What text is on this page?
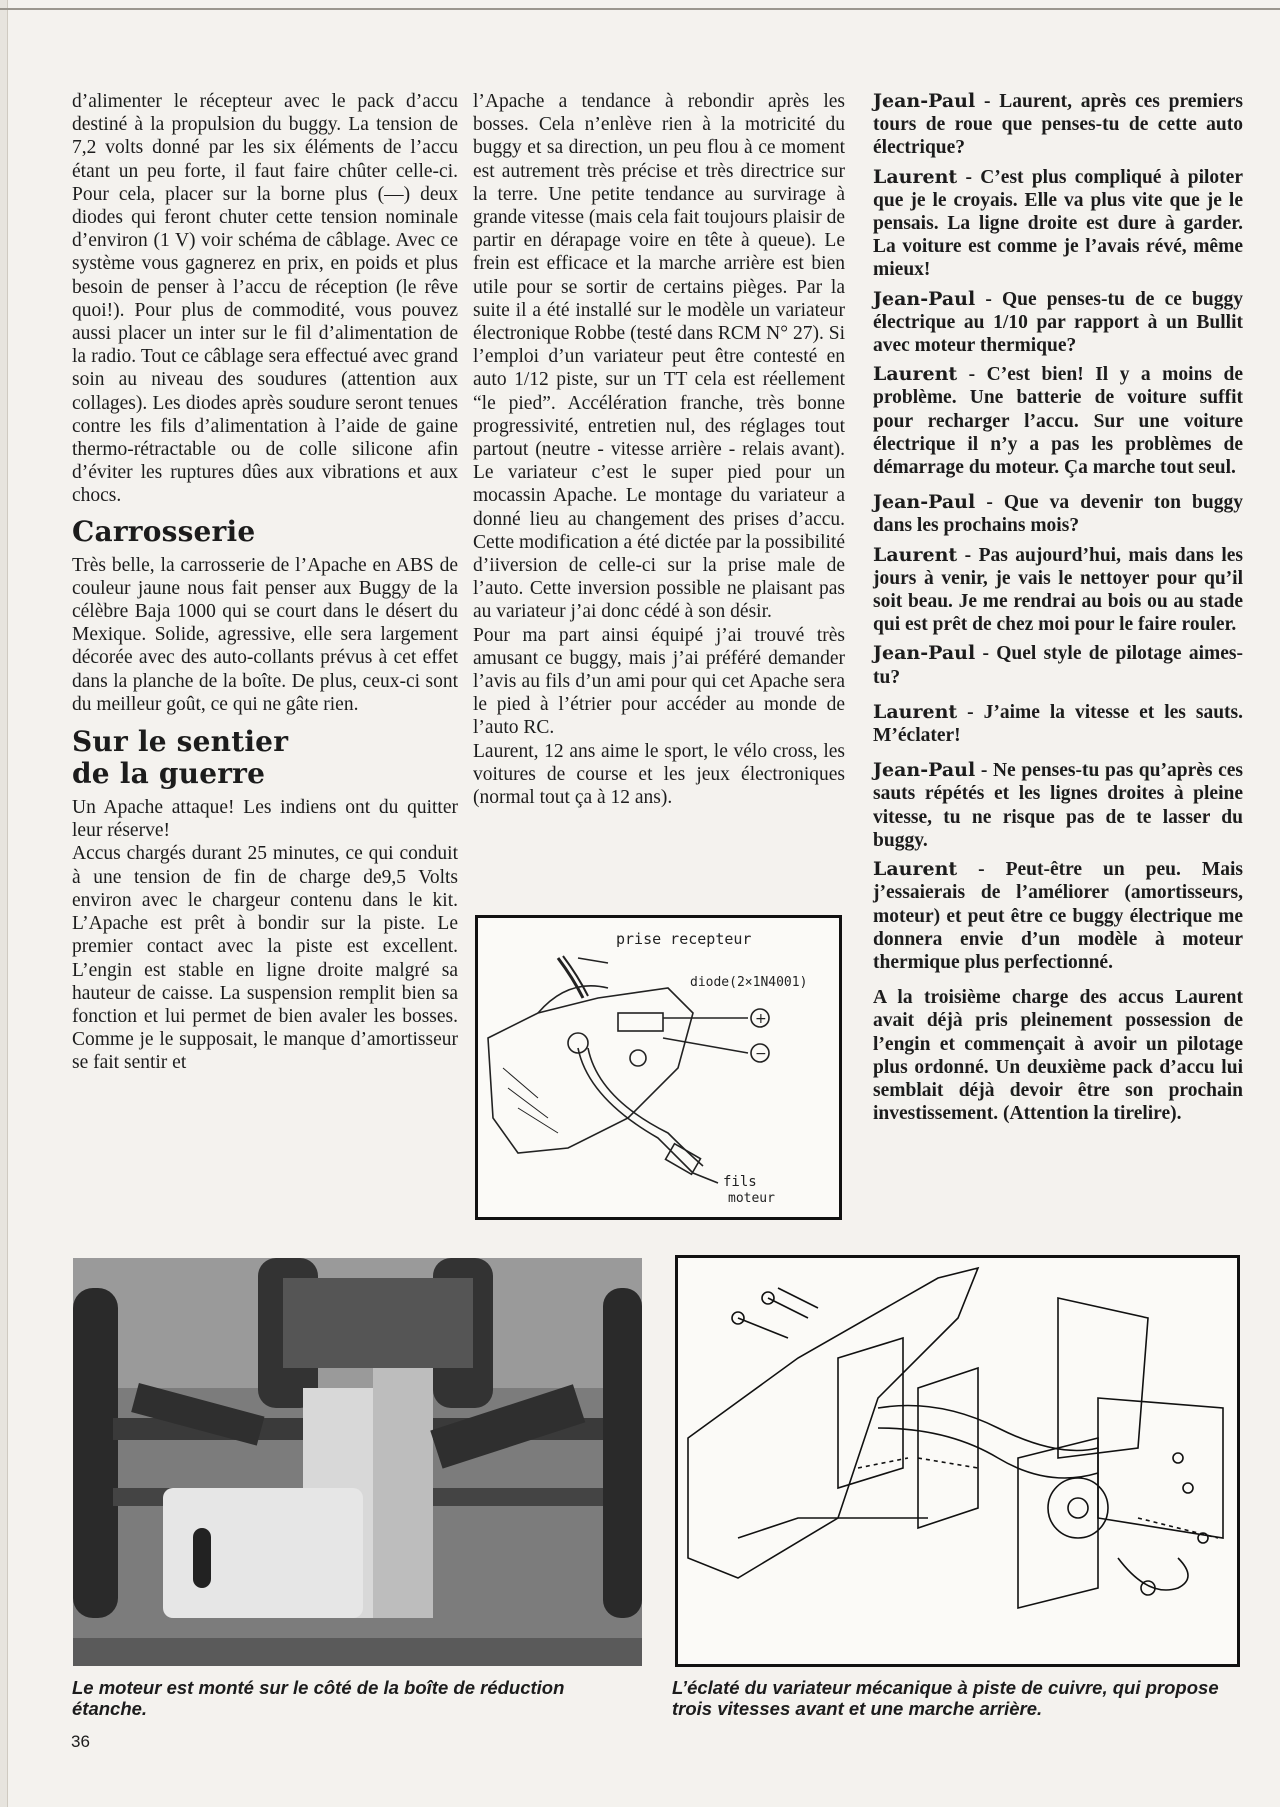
d’alimenter le récepteur avec le pack d’accu destiné à la propulsion du buggy. La tension de 7,2 volts donné par les six éléments de l’accu étant un peu forte, il faut faire chûter celle-ci. Pour cela, placer sur la borne plus (—) deux diodes qui feront chuter cette tension nominale d’environ (1 V) voir schéma de câblage. Avec ce système vous gagnerez en prix, en poids et plus besoin de penser à l’accu de réception (le rêve quoi!). Pour plus de commodité, vous pouvez aussi placer un inter sur le fil d’alimentation de la radio. Tout ce câblage sera effectué avec grand soin au niveau des soudures (attention aux collages). Les diodes après soudure seront tenues contre les fils d’alimentation à l’aide de gaine thermo-rétractable ou de colle silicone afin d’éviter les ruptures dûes aux vibrations et aux chocs.

Carrosserie

Très belle, la carrosserie de l’Apache en ABS de couleur jaune nous fait penser aux Buggy de la célèbre Baja 1000 qui se court dans le désert du Mexique. Solide, agressive, elle sera largement décorée avec des auto-collants prévus à cet effet dans la planche de la boîte. De plus, ceux-ci sont du meilleur goût, ce qui ne gâte rien.

Sur le sentier
de la guerre

Un Apache attaque! Les indiens ont du quitter leur réserve!

Accus chargés durant 25 minutes, ce qui conduit à une tension de fin de charge de9,5 Volts environ avec le chargeur contenu dans le kit. L’Apache est prêt à bondir sur la piste. Le premier contact avec la piste est excellent. L’engin est stable en ligne droite malgré sa hauteur de caisse. La suspension remplit bien sa fonction et lui permet de bien avaler les bosses. Comme je le supposait, le manque d’amortisseur se fait sentir et

l’Apache a tendance à rebondir après les bosses. Cela n’enlève rien à la motricité du buggy et sa direction, un peu flou à ce moment est autrement très précise et très directrice sur la terre. Une petite tendance au survirage à grande vitesse (mais cela fait toujours plaisir de partir en dérapage voire en tête à queue). Le frein est efficace et la marche arrière est bien utile pour se sortir de certains pièges. Par la suite il a été installé sur le modèle un variateur électronique Robbe (testé dans RCM N° 27). Si l’emploi d’un variateur peut être contesté en auto 1/12 piste, sur un TT cela est réellement “le pied”. Accélération franche, très bonne progressivité, entretien nul, des réglages tout partout (neutre - vitesse arrière - relais avant). Le variateur c’est le super pied pour un mocassin Apache. Le montage du variateur a donné lieu au changement des prises d’accu. Cette modification a été dictée par la possibilité d’iiversion de celle-ci sur la prise male de l’auto. Cette inversion possible ne plaisant pas au variateur j’ai donc cédé à son désir.

Pour ma part ainsi équipé j’ai trouvé très amusant ce buggy, mais j’ai préféré demander l’avis au fils d’un ami pour qui cet Apache sera le pied à l’étrier pour accéder au monde de l’auto RC.

Laurent, 12 ans aime le sport, le vélo cross, les voitures de course et les jeux électroniques (normal tout ça à 12 ans).

Jean-Paul - Laurent, après ces premiers tours de roue que penses-tu de cette auto électrique?

Laurent - C’est plus compliqué à piloter que je le croyais. Elle va plus vite que je le pensais. La ligne droite est dure à garder. La voiture est comme je l’avais révé, même mieux!

Jean-Paul - Que penses-tu de ce buggy électrique au 1/10 par rapport à un Bullit avec moteur thermique?

Laurent - C’est bien! Il y a moins de problème. Une batterie de voiture suffit pour recharger l’accu. Sur une voiture électrique il n’y a pas les problèmes de démarrage du moteur. Ça marche tout seul.

Jean-Paul - Que va devenir ton buggy dans les prochains mois?

Laurent - Pas aujourd’hui, mais dans les jours à venir, je vais le nettoyer pour qu’il soit beau. Je me rendrai au bois ou au stade qui est prêt de chez moi pour le faire rouler.

Jean-Paul - Quel style de pilotage aimes-tu?

Laurent - J’aime la vitesse et les sauts. M’éclater!

Jean-Paul - Ne penses-tu pas qu’après ces sauts répétés et les lignes droites à pleine vitesse, tu ne risque pas de te lasser du buggy.

Laurent - Peut-être un peu. Mais j’essaierais de l’améliorer (amortisseurs, moteur) et peut être ce buggy électrique me donnera envie d’un modèle à moteur thermique plus perfectionné.

A la troisième charge des accus Laurent avait déjà pris pleinement possession de l’engin et commençait à avoir un pilotage plus ordonné. Un deuxième pack d’accu lui semblait déjà devoir être son prochain investissement. (Attention la tirelire).

prise recepteur
diode(2×1N4001)
+
−
fils
moteur
Le moteur est monté sur le côté de la boîte de réduction étanche.
L’éclaté du variateur mécanique à piste de cuivre, qui propose trois vitesses avant et une marche arrière.
36
